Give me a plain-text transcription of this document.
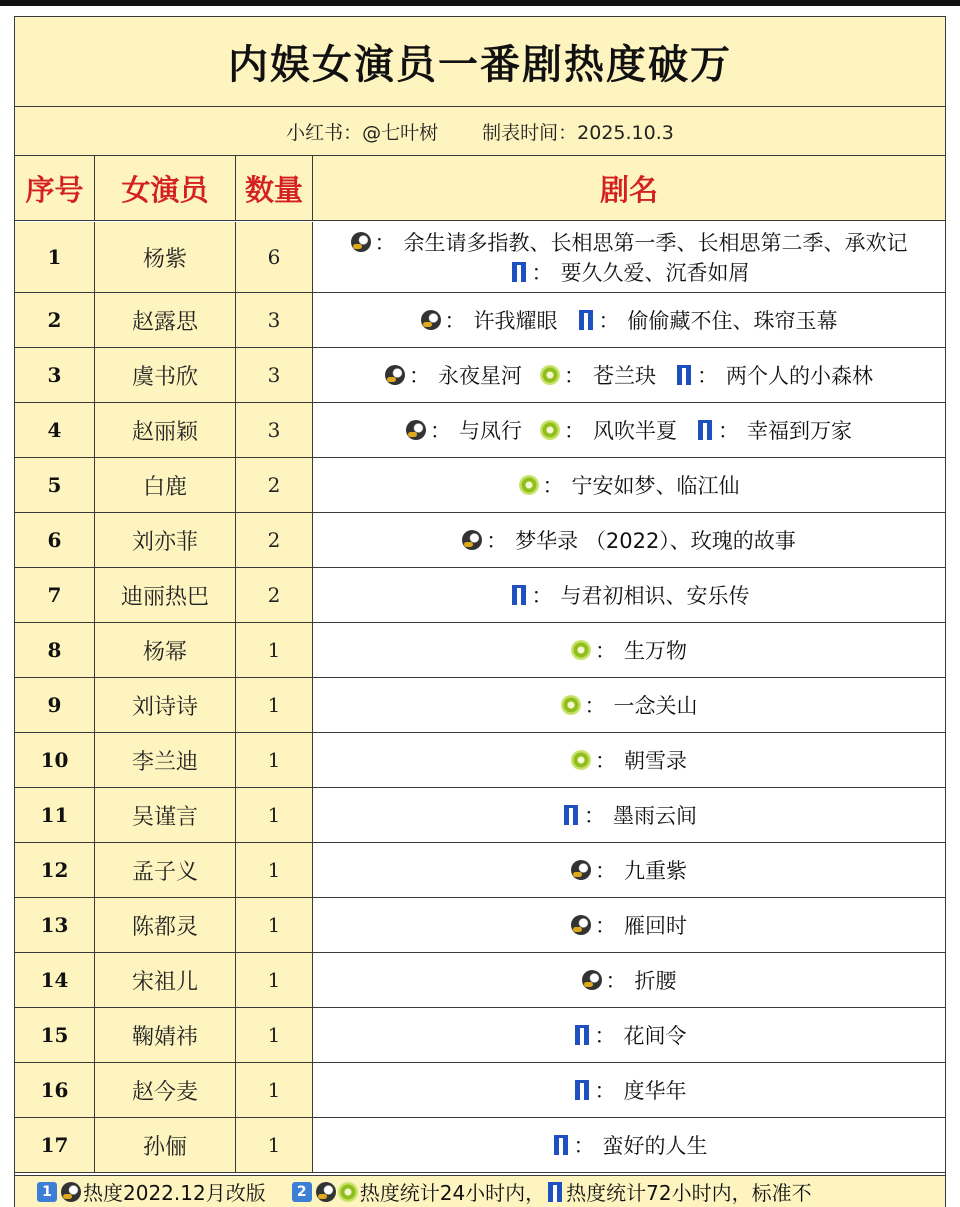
内娱女演员一番剧热度破万
小红书：@七叶树 制表时间：2025.10.3
序号	女演员	数量	剧名
1	杨紫	6
： 余生请多指教、长相思第一季、长相思第二季、承欢记
： 要久久爱、沉香如屑
2	赵露思	3	： 许我耀眼 ： 偷偷藏不住、珠帘玉幕
3	虞书欣	3	： 永夜星河 ： 苍兰玦 ： 两个人的小森林
4	赵丽颖	3	： 与凤行 ： 风吹半夏 ： 幸福到万家
5	白鹿	2	： 宁安如梦、临江仙
6	刘亦菲	2	： 梦华录 （2022）、玫瑰的故事
7	迪丽热巴	2	： 与君初相识、安乐传
8	杨幂	1	： 生万物
9	刘诗诗	1	： 一念关山
10	李兰迪	1	： 朝雪录
11	吴谨言	1	： 墨雨云间
12	孟子义	1	： 九重紫
13	陈都灵	1	： 雁回时
14	宋祖儿	1	： 折腰
15	鞠婧祎	1	： 花间令
16	赵今麦	1	： 度华年
17	孙俪	1	： 蛮好的人生
1 热度2022.12月改版	2	热度统计24小时内， 热度统计72小时内，标准不
